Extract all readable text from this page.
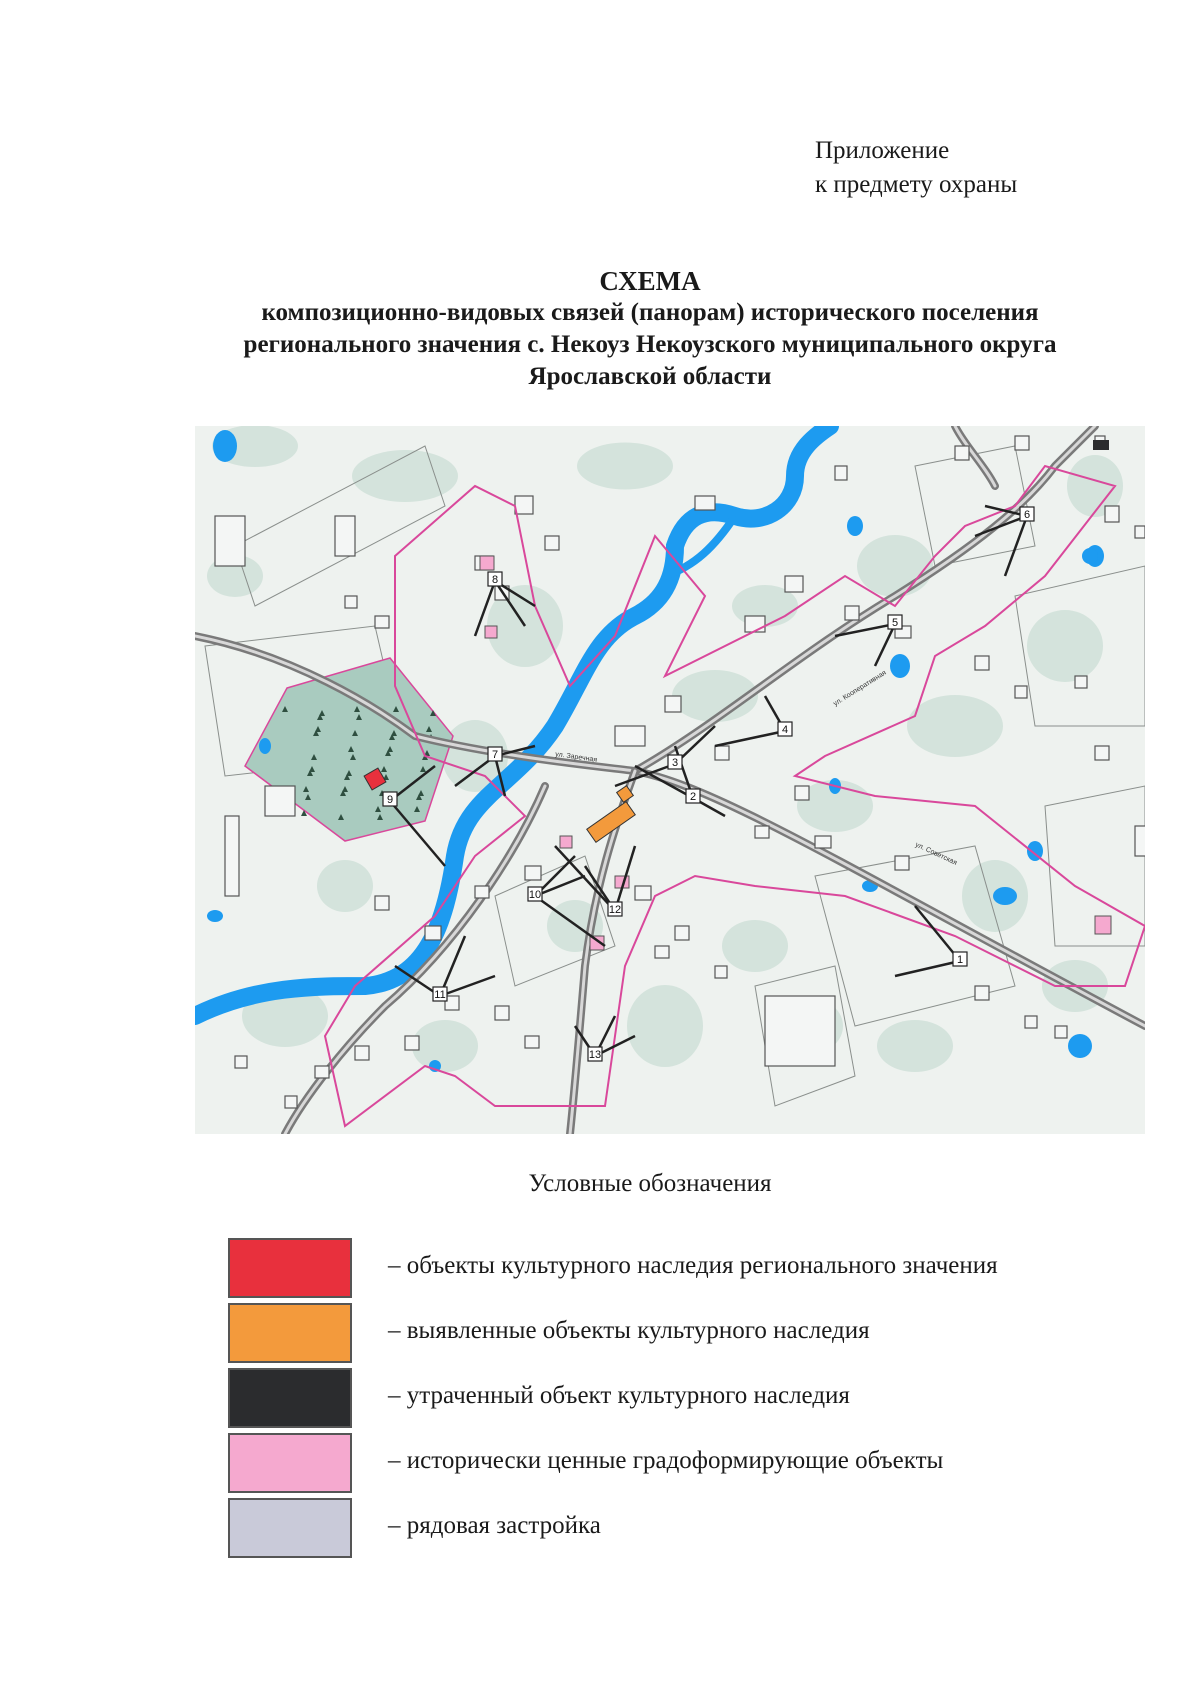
Приложение
к предмету охраны
СХЕМА
композиционно-видовых связей (панорам) исторического поселения
регионального значения с. Некоуз Некоузского муниципального округа
Ярославской области
1
2
3
4
5
6
7
8
9
10
11
12
13
ул. Советская
ул. Кооперативная
ул. Заречная
Условные обозначения
– объекты культурного наследия регионального значения
– выявленные объекты культурного наследия
– утраченный объект культурного наследия
– исторически ценные градоформирующие объекты
– рядовая застройка
